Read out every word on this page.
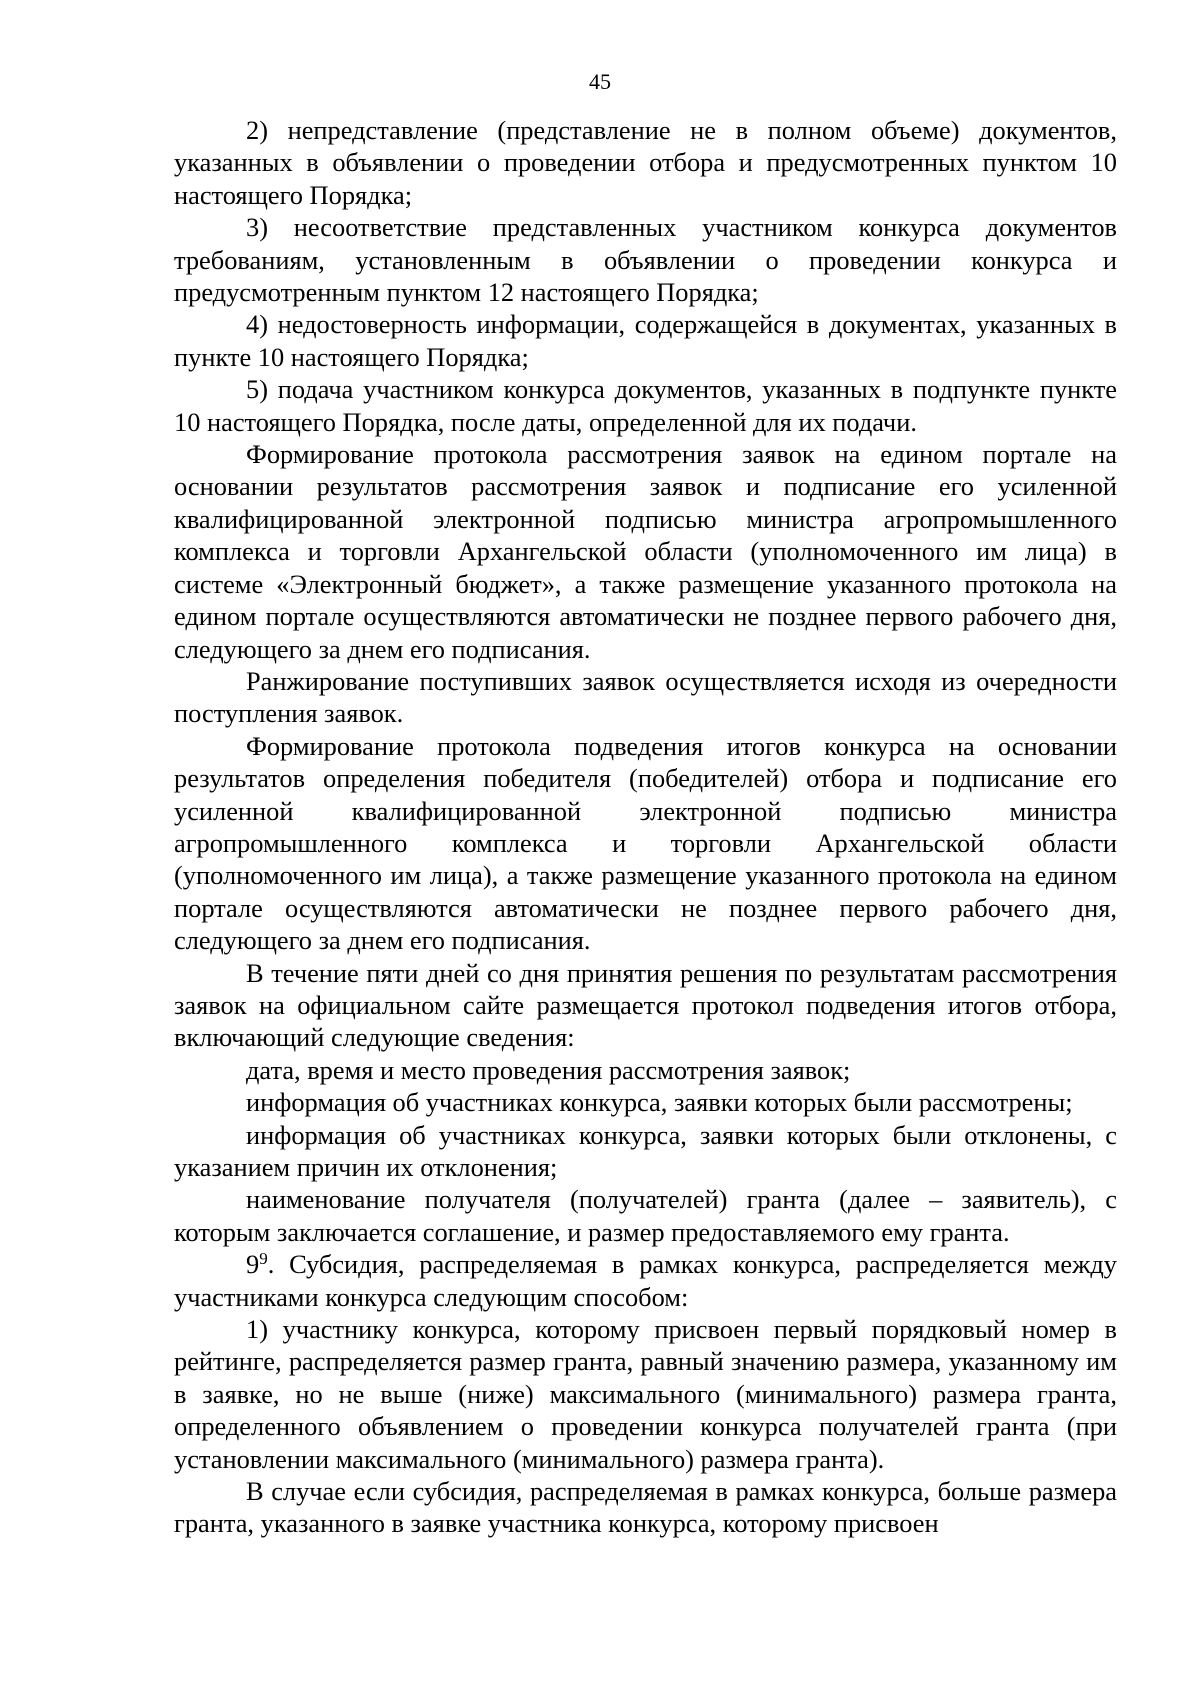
45

2) непредставление (представление не в полном объеме) документов, указанных в объявлении о проведении отбора и предусмотренных пунктом 10 настоящего Порядка;

3) несоответствие представленных участником конкурса документов требованиям, установленным в объявлении о проведении конкурса и предусмотренным пунктом 12 настоящего Порядка;

4) недостоверность информации, содержащейся в документах, указанных в пункте 10 настоящего Порядка;

5) подача участником конкурса документов, указанных в подпункте пункте 10 настоящего Порядка, после даты, определенной для их подачи.

Формирование протокола рассмотрения заявок на едином портале на основании результатов рассмотрения заявок и подписание его усиленной квалифицированной электронной подписью министра агропромышленного комплекса и торговли Архангельской области (уполномоченного им лица) в системе «Электронный бюджет», а также размещение указанного протокола на едином портале осуществляются автоматически не позднее первого рабочего дня, следующего за днем его подписания.

Ранжирование поступивших заявок осуществляется исходя из очередности поступления заявок.

Формирование протокола подведения итогов конкурса на основании результатов определения победителя (победителей) отбора и подписание его усиленной квалифицированной электронной подписью министра агропромышленного комплекса и торговли Архангельской области (уполномоченного им лица), а также размещение указанного протокола на едином портале осуществляются автоматически не позднее первого рабочего дня, следующего за днем его подписания.

В течение пяти дней со дня принятия решения по результатам рассмотрения заявок на официальном сайте размещается протокол подведения итогов отбора, включающий следующие сведения:

дата, время и место проведения рассмотрения заявок;

информация об участниках конкурса, заявки которых были рассмотрены;

информация об участниках конкурса, заявки которых были отклонены, с указанием причин их отклонения;

наименование получателя (получателей) гранта (далее – заявитель), с которым заключается соглашение, и размер предоставляемого ему гранта.

$9^9$. Субсидия, распределяемая в рамках конкурса, распределяется между участниками конкурса следующим способом:

1) участнику конкурса, которому присвоен первый порядковый номер в рейтинге, распределяется размер гранта, равный значению размера, указанному им в заявке, но не выше (ниже) максимального (минимального) размера гранта, определенного объявлением о проведении конкурса получателей гранта (при установлении максимального (минимального) размера гранта).

В случае если субсидия, распределяемая в рамках конкурса, больше размера гранта, указанного в заявке участника конкурса, которому присвоен
